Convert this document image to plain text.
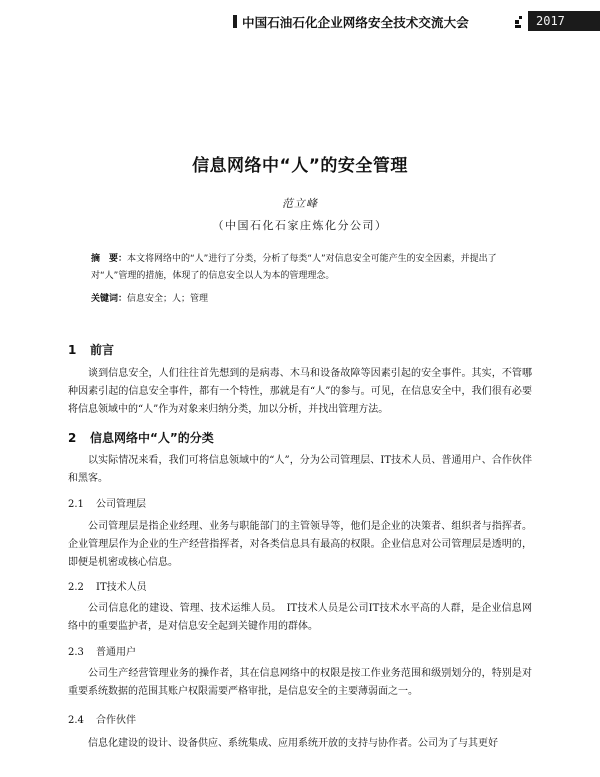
中国石油石化企业网络安全技术交流大会	2017
信息网络中“人”的安全管理
范立峰
（中国石化石家庄炼化分公司）
摘　要：本文将网络中的“人”进行了分类，分析了每类“人”对信息安全可能产生的安全因素，并提出了对“人”管理的措施，体现了的信息安全以人为本的管理理念。
关键词：信息安全；人；管理
1 前言
谈到信息安全，人们往往首先想到的是病毒、木马和设备故障等因素引起的安全事件。其实，不管哪种因素引起的信息安全事件，都有一个特性，那就是有“人”的参与。可见，在信息安全中，我们很有必要将信息领域中的“人”作为对象来归纳分类，加以分析，并找出管理方法。
2 信息网络中“人”的分类
以实际情况来看，我们可将信息领域中的“人”，分为公司管理层、IT技术人员、普通用户、合作伙伴和黑客。
2.1 公司管理层
公司管理层是指企业经理、业务与职能部门的主管领导等，他们是企业的决策者、组织者与指挥者。企业管理层作为企业的生产经营指挥者，对各类信息具有最高的权限。企业信息对公司管理层是透明的，即便是机密或核心信息。
2.2 IT技术人员
公司信息化的建设、管理、技术运维人员。　IT技术人员是公司IT技术水平高的人群，是企业信息网络中的重要监护者，是对信息安全起到关键作用的群体。
2.3 普通用户
公司生产经营管理业务的操作者，其在信息网络中的权限是按工作业务范围和级别划分的，特别是对重要系统数据的范围其账户权限需要严格审批，是信息安全的主要薄弱面之一。
2.4 合作伙伴
信息化建设的设计、设备供应、系统集成、应用系统开放的支持与协作者。公司为了与其更好
